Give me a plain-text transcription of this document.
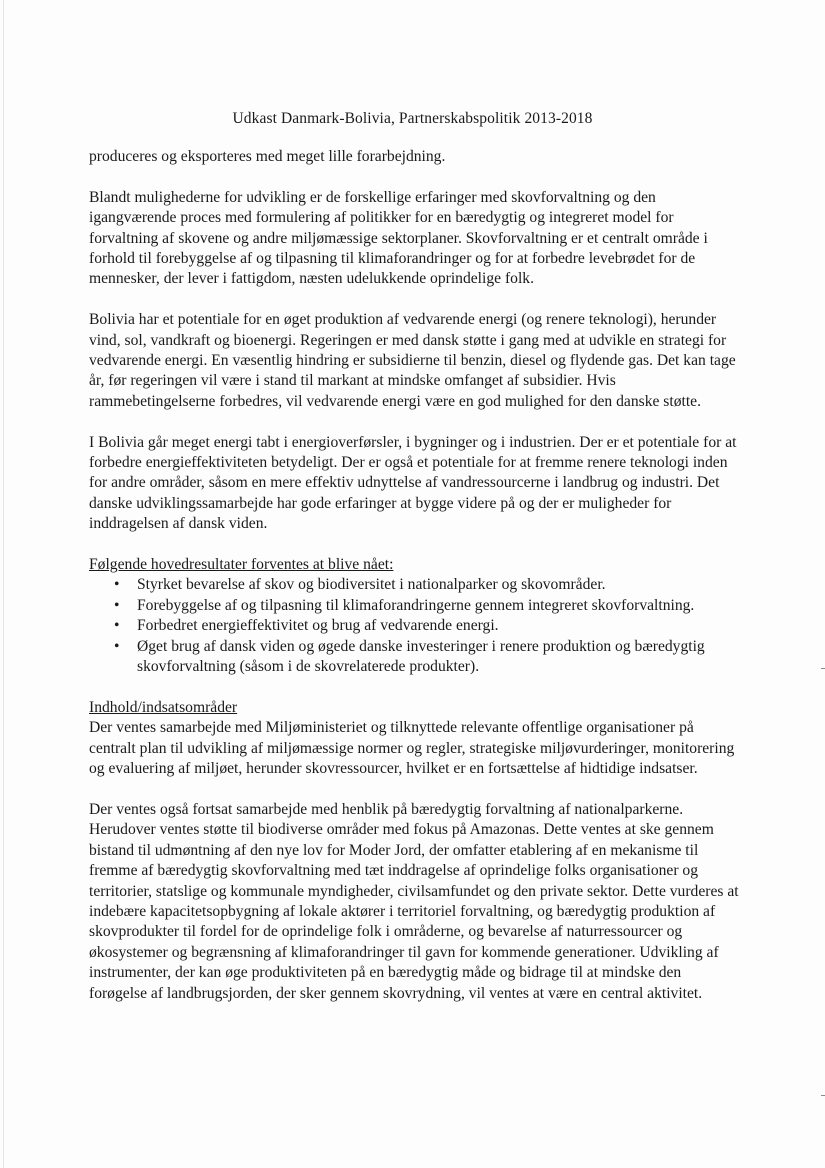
Udkast Danmark-Bolivia, Partnerskabspolitik 2013-2018

produceres og eksporteres med meget lille forarbejdning.

Blandt mulighederne for udvikling er de forskellige erfaringer med skovforvaltning og den igangværende proces med formulering af politikker for en bæredygtig og integreret model for forvaltning af skovene og andre miljømæssige sektorplaner. Skovforvaltning er et centralt område i forhold til forebyggelse af og tilpasning til klimaforandringer og for at forbedre levebrødet for de mennesker, der lever i fattigdom, næsten udelukkende oprindelige folk.

Bolivia har et potentiale for en øget produktion af vedvarende energi (og renere teknologi), herunder vind, sol, vandkraft og bioenergi. Regeringen er med dansk støtte i gang med at udvikle en strategi for vedvarende energi. En væsentlig hindring er subsidierne til benzin, diesel og flydende gas. Det kan tage år, før regeringen vil være i stand til markant at mindske omfanget af subsidier. Hvis rammebetingelserne forbedres, vil vedvarende energi være en god mulighed for den danske støtte.

I Bolivia går meget energi tabt i energioverførsler, i bygninger og i industrien. Der er et potentiale for at forbedre energieffektiviteten betydeligt. Der er også et potentiale for at fremme renere teknologi inden for andre områder, såsom en mere effektiv udnyttelse af vandressourcerne i landbrug og industri. Det danske udviklingssamarbejde har gode erfaringer at bygge videre på og der er muligheder for inddragelsen af dansk viden.

Følgende hovedresultater forventes at blive nået:

• Styrket bevarelse af skov og biodiversitet i nationalparker og skovområder.
• Forebyggelse af og tilpasning til klimaforandringerne gennem integreret skovforvaltning.
• Forbedret energieffektivitet og brug af vedvarende energi.
• Øget brug af dansk viden og øgede danske investeringer i renere produktion og bæredygtig skovforvaltning (såsom i de skovrelaterede produkter).

Indhold/indsatsområder

Der ventes samarbejde med Miljøministeriet og tilknyttede relevante offentlige organisationer på centralt plan til udvikling af miljømæssige normer og regler, strategiske miljøvurderinger, monitorering og evaluering af miljøet, herunder skovressourcer, hvilket er en fortsættelse af hidtidige indsatser.

Der ventes også fortsat samarbejde med henblik på bæredygtig forvaltning af nationalparkerne. Herudover ventes støtte til biodiverse områder med fokus på Amazonas. Dette ventes at ske gennem bistand til udmøntning af den nye lov for Moder Jord, der omfatter etablering af en mekanisme til fremme af bæredygtig skovforvaltning med tæt inddragelse af oprindelige folks organisationer og territorier, statslige og kommunale myndigheder, civilsamfundet og den private sektor. Dette vurderes at indebære kapacitetsopbygning af lokale aktører i territoriel forvaltning, og bæredygtig produktion af skovprodukter til fordel for de oprindelige folk i områderne, og bevarelse af naturressourcer og økosystemer og begrænsning af klimaforandringer til gavn for kommende generationer. Udvikling af instrumenter, der kan øge produktiviteten på en bæredygtig måde og bidrage til at mindske den forøgelse af landbrugsjorden, der sker gennem skovrydning, vil ventes at være en central aktivitet.
